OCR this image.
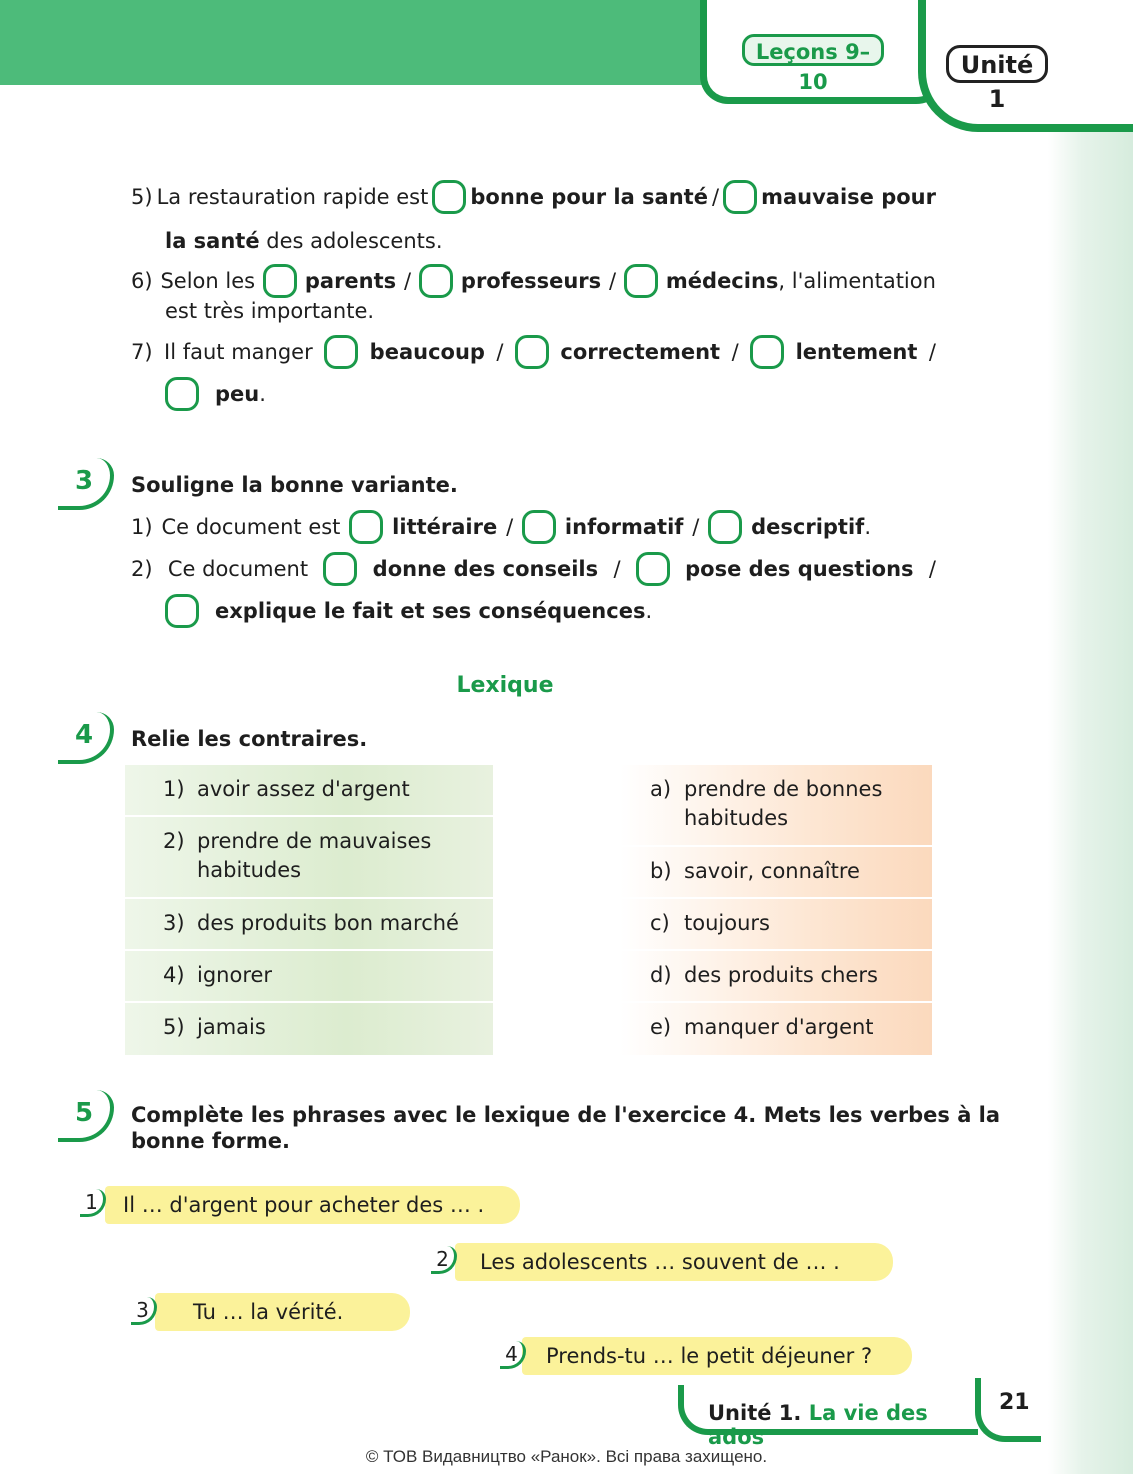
Leçons 9–10
Unité 1
5) La restauration rapide est bonne pour la santé / mauvaise pour
la santé des adolescents.
6) Selon les parents / professeurs / médecins, l'alimentation
est très importante.
7) Il faut manger	beaucoup /	correctement /	lentement /
peu.
3	Souligne la bonne variante.
1) Ce document est littéraire / informatif / descriptif.
2) Ce document	donne des conseils /	pose des questions /
explique le fait et ses conséquences.
Lexique
4	Relie les contraires.
1) avoir assez d'argent
2) prendre de mauvaises habitudes
3) des produits bon marché
4) ignorer
5) jamais
a) prendre de bonnes habitudes
b) savoir, connaître
c) toujours
d) des produits chers
e) manquer d'argent
5	Complète les phrases avec le lexique de l'exercice 4. Mets les verbes à la
bonne forme.
1	Il … d'argent pour acheter des … .
2	Les adolescents … souvent de … .
3	Tu … la vérité.
4	Prends-tu … le petit déjeuner ?
Unité 1. La vie des ados
21
© ТОВ Видавництво «Ранок». Всі права захищено.
